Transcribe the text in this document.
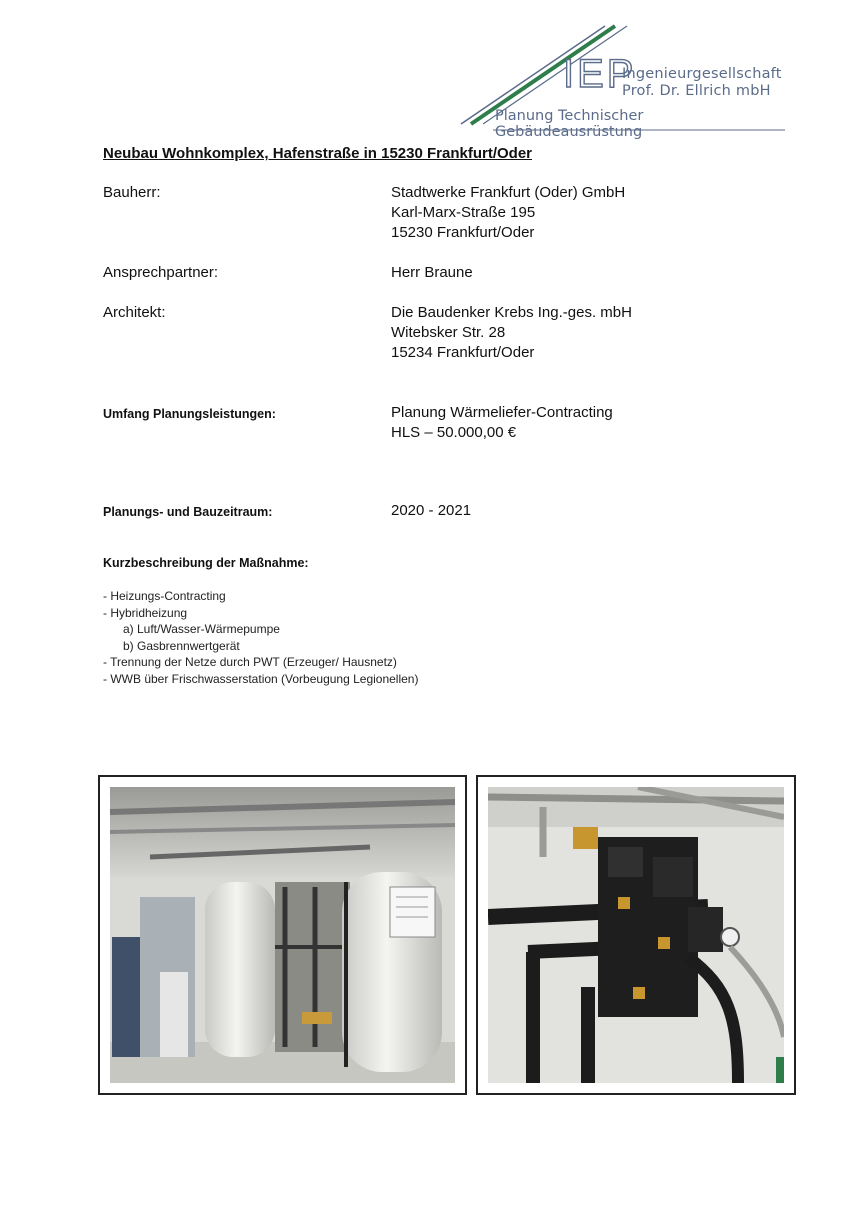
IEP
Ingenieurgesellschaft
Prof. Dr. Ellrich mbH
Planung Technischer Gebäudeausrüstung
Neubau Wohnkomplex, Hafenstraße in 15230 Frankfurt/Oder
Bauherr:	Stadtwerke Frankfurt (Oder) GmbH
Karl-Marx-Straße 195
15230 Frankfurt/Oder
Ansprechpartner:	Herr Braune
Architekt:	Die Baudenker Krebs Ing.-ges. mbH
Witebsker Str. 28
15234 Frankfurt/Oder
Umfang Planungsleistungen:	Planung Wärmeliefer-Contracting
HLS – 50.000,00 €
Planungs- und Bauzeitraum:	2020 - 2021
Kurzbeschreibung der Maßnahme:
- Heizungs-Contracting
- Hybridheizung
a) Luft/Wasser-Wärmepumpe
b) Gasbrennwertgerät
- Trennung der Netze durch PWT (Erzeuger/ Hausnetz)
- WWB über Frischwasserstation (Vorbeugung Legionellen)
